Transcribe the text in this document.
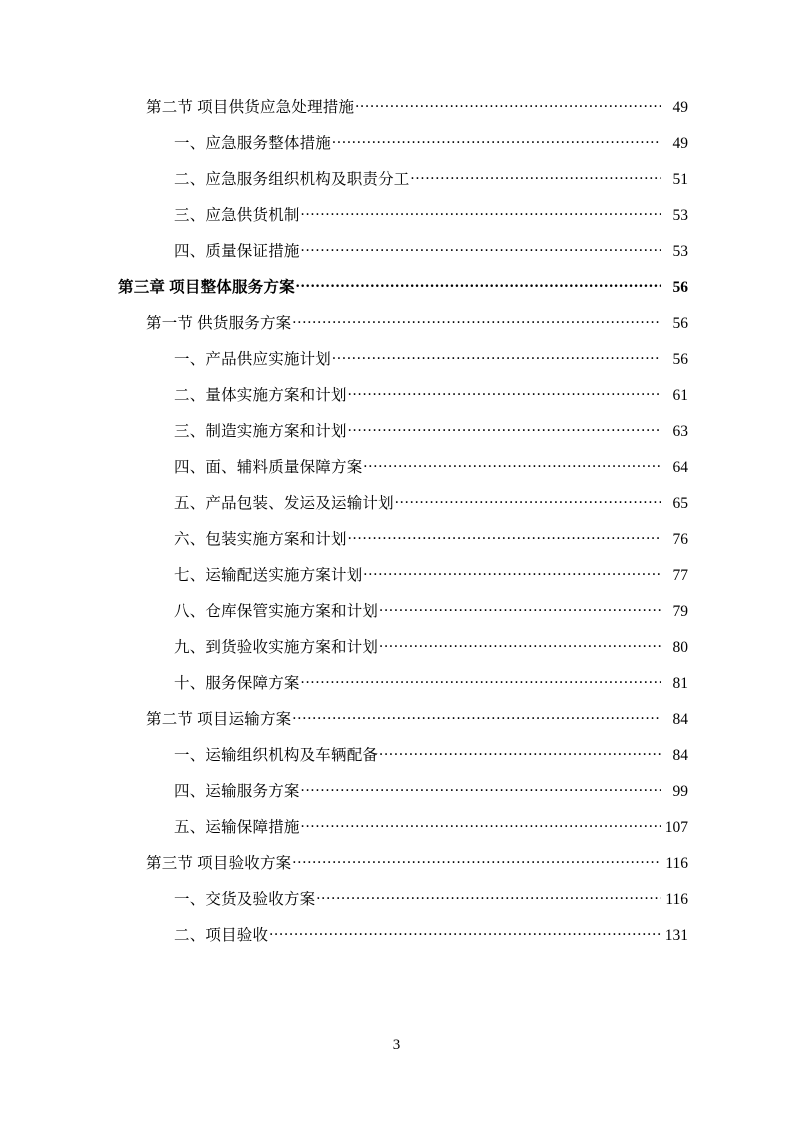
第二节 项目供货应急处理措施 .....	49
一、应急服务整体措施 .....	49
二、应急服务组织机构及职责分工 .....	51
三、应急供货机制 .....	53
四、质量保证措施 .....	53
第三章 项目整体服务方案 .....	56
第一节 供货服务方案 .....	56
一、产品供应实施计划 .....	56
二、量体实施方案和计划 .....	61
三、制造实施方案和计划 .....	63
四、面、辅料质量保障方案 .....	64
五、产品包装、发运及运输计划 .....	65
六、包装实施方案和计划 .....	76
七、运输配送实施方案计划 .....	77
八、仓库保管实施方案和计划 .....	79
九、到货验收实施方案和计划 .....	80
十、服务保障方案 .....	81
第二节 项目运输方案 .....	84
一、运输组织机构及车辆配备 .....	84
四、运输服务方案 .....	99
五、运输保障措施 .....	107
第三节 项目验收方案 .....	116
一、交货及验收方案 .....	116
二、项目验收 .....	131
3
